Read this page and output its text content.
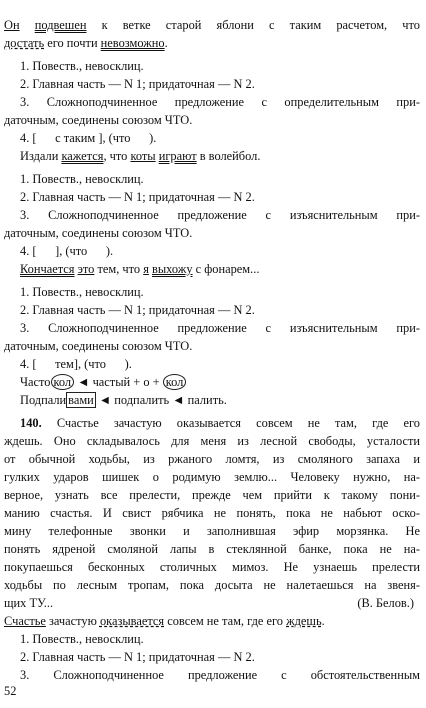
Он подвешен к ветке старой яблони с таким расчетом, что
достать его почти невозможно.
1. Повеств., невосклиц.
2. Главная часть — N 1; придаточная — N 2.
3. Сложноподчиненное предложение с определительным при-
даточным, соединены союзом ЧТО.
4. [      с таким ], (что      ).
Издали кажется, что коты играют в волейбол.
1. Повеств., невосклиц.
2. Главная часть — N 1; придаточная — N 2.
3. Сложноподчиненное предложение с изъяснительным при-
даточным, соединены союзом ЧТО.
4. [      ], (что      ).
Кончается это тем, что я выхожу с фонарем...
1. Повеств., невосклиц.
2. Главная часть — N 1; придаточная — N 2.
3. Сложноподчиненное предложение с изъяснительным при-
даточным, соединены союзом ЧТО.
4. [      тем], (что      ).
Часто кол ◄ частый + о + кол
Подпали вами ◄ подпалить ◄ палить.
140. Счастье зачастую оказывается совсем не там, где его
ждешь. Оно складывалось для меня из лесной свободы, усталости
от обычной ходьбы, из ржаного ломтя, из смоляного запаха и
гулких ударов шишек о родимую землю... Человеку нужно, на-
верное, узнать все прелести, прежде чем прийти к такому пони-
манию счастья. И свист рябчика не понять, пока не набьют оско-
мину телефонные звонки и заполнившая эфир морзянка. Не
понять ядреной смоляной лапы в стеклянной банке, пока не на-
покупаешься бесконных столичных мимоз. Не узнаешь прелести
ходьбы по лесным тропам, пока досыта не налетаешься на звеня-
щих ТУ...	(В. Белов.)
Счастье зачастую оказывается совсем не там, где его ждешь.
1. Повеств., невосклиц.
2. Главная часть — N 1; придаточная — N 2.
3. Сложноподчиненное предложение с обстоятельственным
52
